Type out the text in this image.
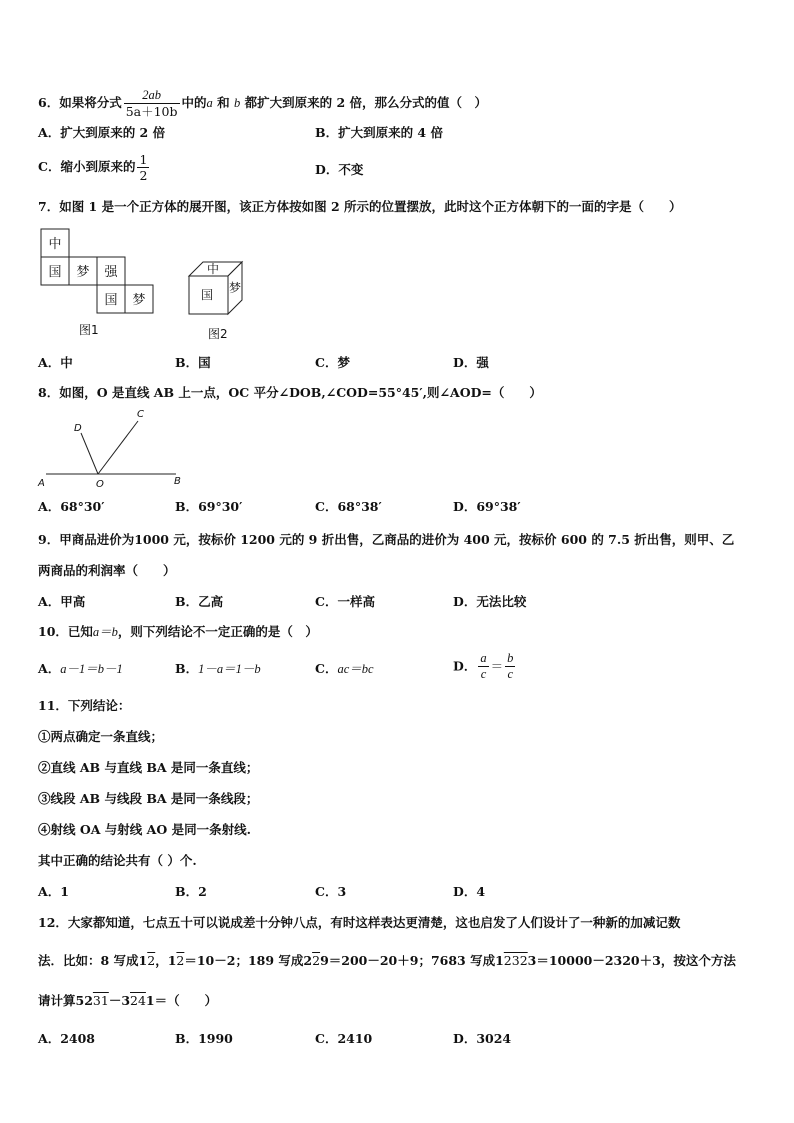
6．如果将分式 $\frac{2ab}{5a+10b}$ 中的a 和 b 都扩大到原来的 2 倍，那么分式的值（　）
A．扩大到原来的 2 倍	B．扩大到原来的 4 倍
C．缩小到原来的 $\frac{1}{2}$	D．不变
7．如图 1 是一个正方体的展开图，该正方体按如图 2 所示的位置摆放，此时这个正方体朝下的一面的字是（　　）
中
国 梦 强
国 梦
图1
中
国 梦
图2
A．中	B．国	C．梦	D．强
8．如图，O 是直线 AB 上一点，OC 平分∠DOB,∠COD=55°45′,则∠AOD=（　　）
A	B
C
D
O
A．68°30′	B．69°30′	C．68°38′	D．69°38′
9．甲商品进价为1000 元，按标价 1200 元的 9 折出售，乙商品的进价为 400 元，按标价 600 的 7.5 折出售，则甲、乙
两商品的利润率（　　）
A．甲高	B．乙高	C．一样高	D．无法比较
10．已知a＝b，则下列结论不一定正确的是（　）
A．a－1＝b－1	B．1－a＝1－b	C．ac＝bc	D． $\frac{a}{c} = \frac{b}{c}$
11．下列结论：
①两点确定一条直线；
②直线 AB 与直线 BA 是同一条直线；
③线段 AB 与线段 BA 是同一条线段；
④射线 OA 与射线 AO 是同一条射线.
其中正确的结论共有（ ）个.
A．1	B．2	C．3	D．4
12．大家都知道，七点五十可以说成差十分钟八点，有时这样表达更清楚，这也启发了人们设计了一种新的加减记数
法．比如：8 写成12，12＝10－2；189 写成229＝200－20＋9；7683 写成12323＝10000－2320＋3，按这个方法
请计算5231－3241＝（　　）
A．2408	B．1990	C．2410	D．3024
